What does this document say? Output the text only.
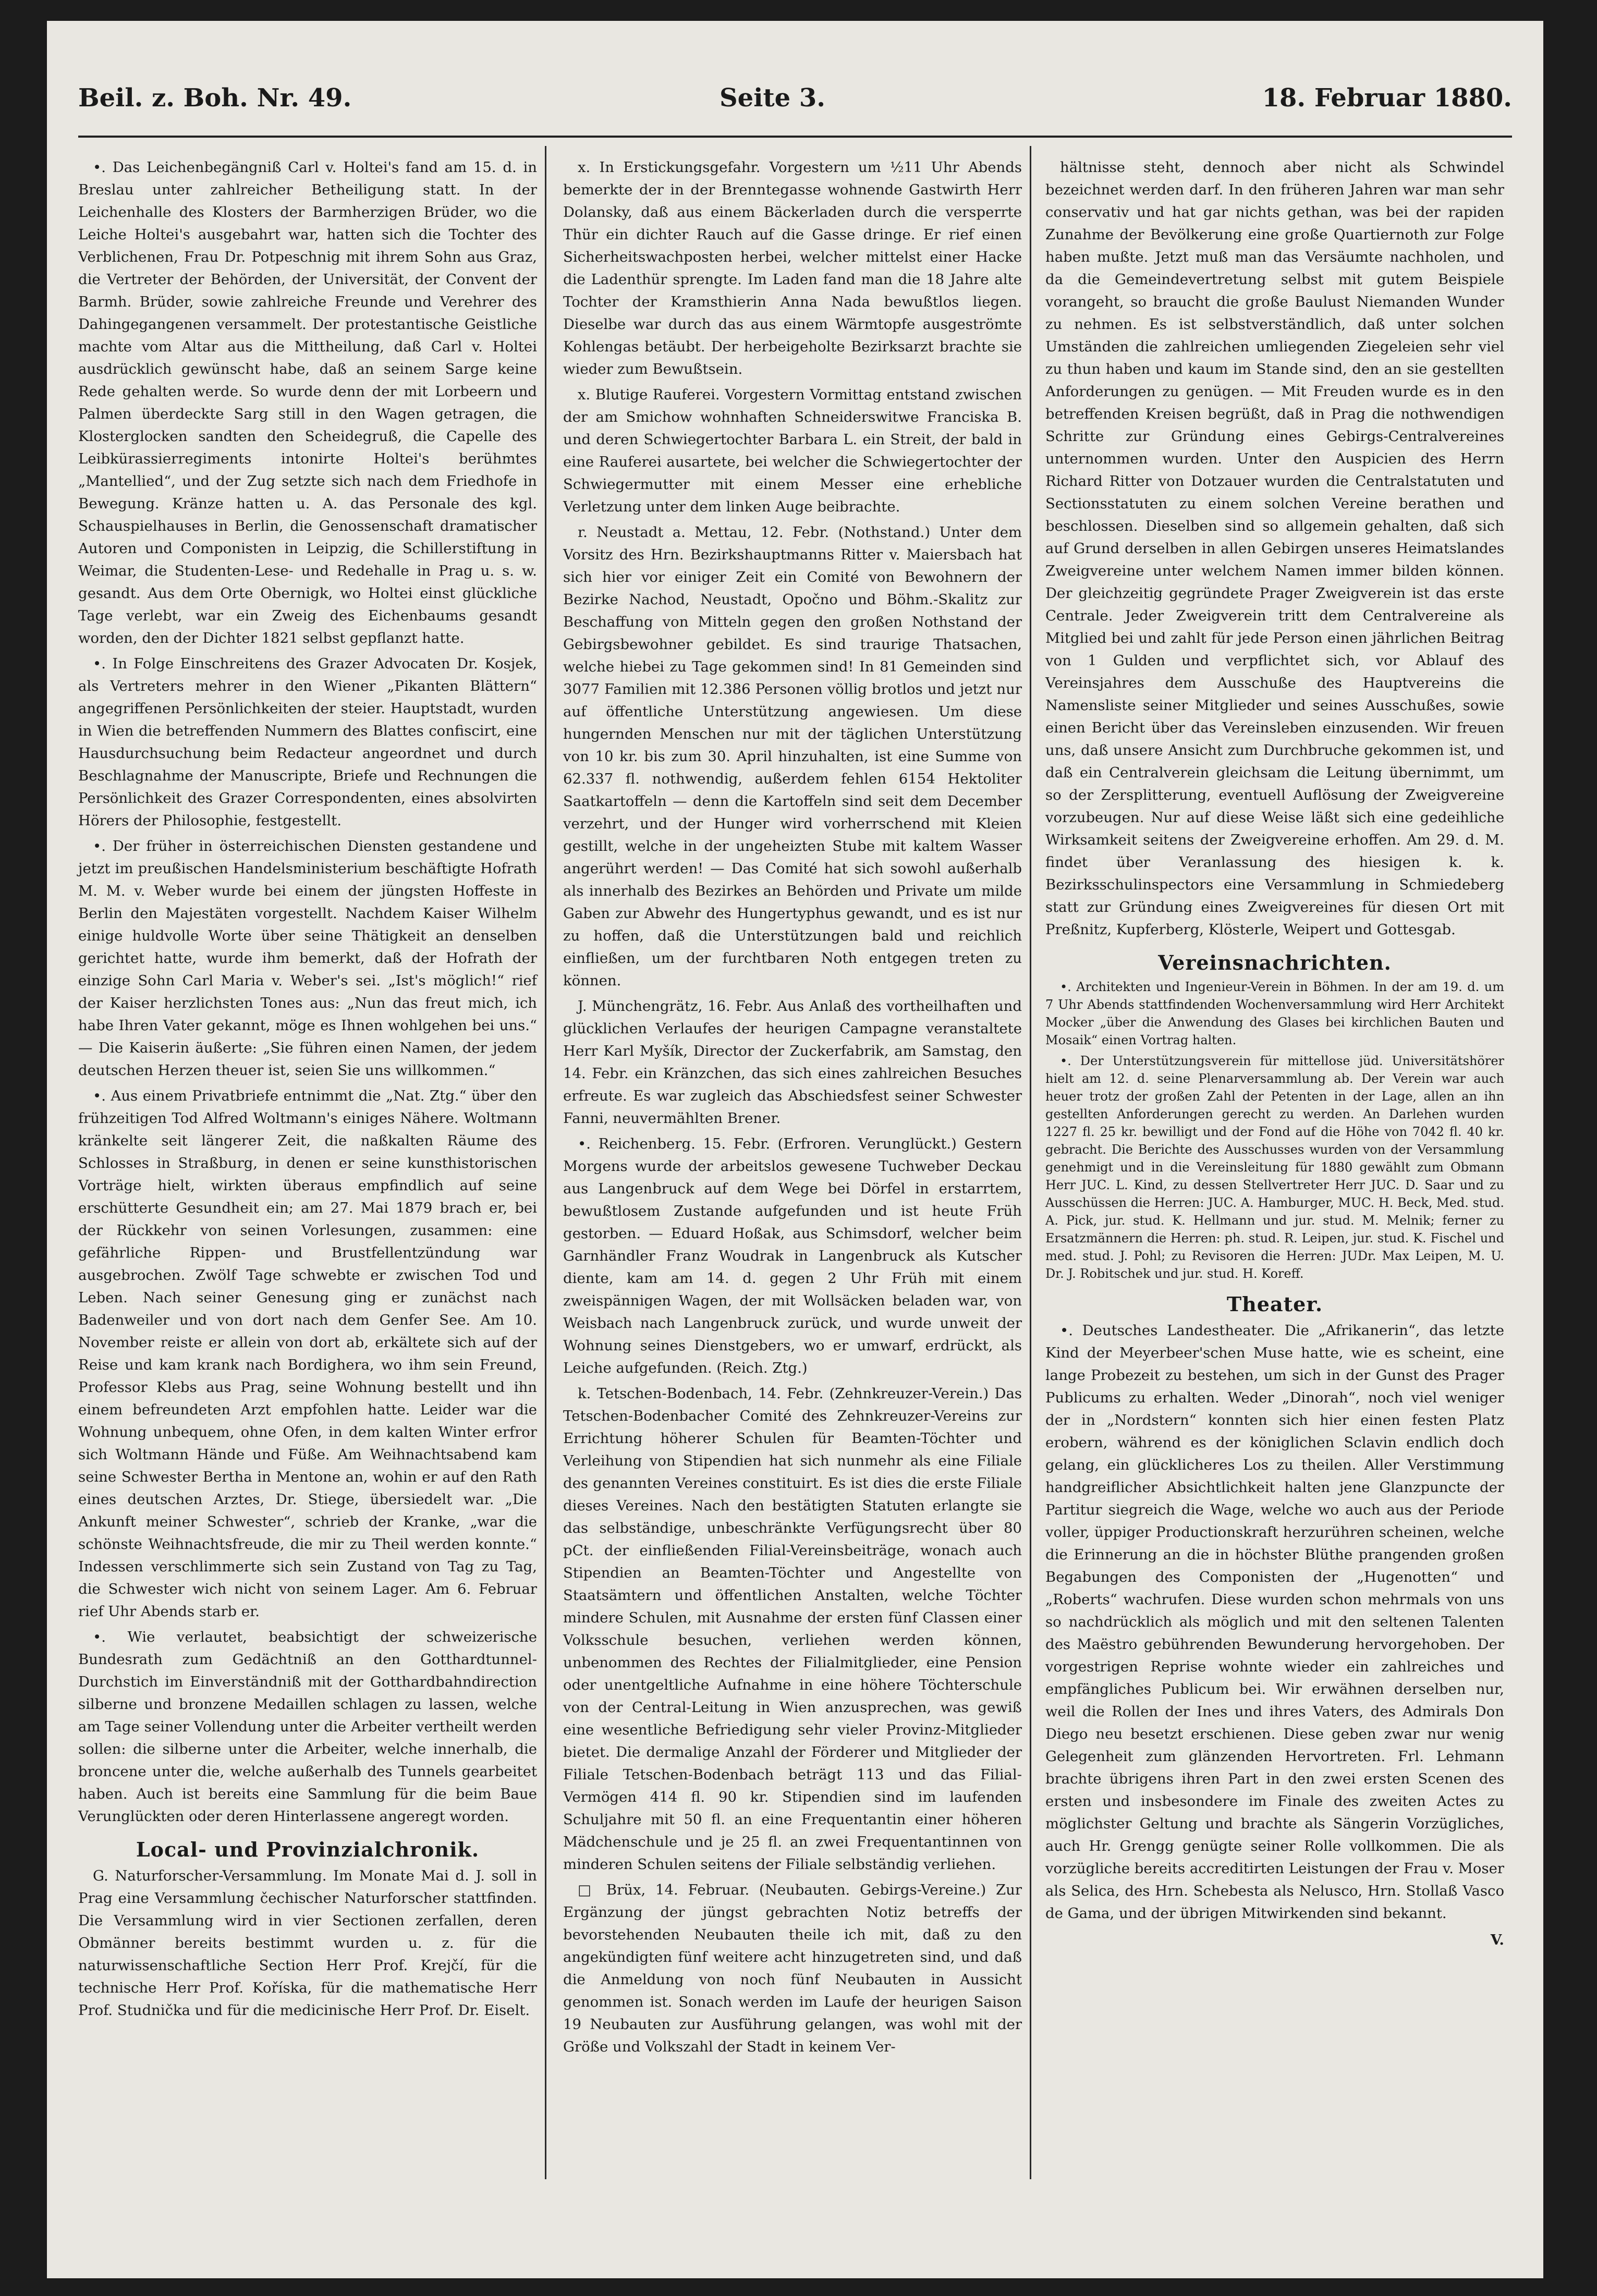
Beil. z. Boh. Nr. 49.	Seite 3.	18. Februar 1880.

•. Das Leichenbegängniß Carl v. Holtei's fand am 15. d. in Breslau unter zahlreicher Betheiligung statt. In der Leichenhalle des Klosters der Barmherzigen Brüder, wo die Leiche Holtei's ausgebahrt war, hatten sich die Tochter des Verblichenen, Frau Dr. Potpeschnig mit ihrem Sohn aus Graz, die Vertreter der Behörden, der Universität, der Convent der Barmh. Brüder, sowie zahlreiche Freunde und Verehrer des Dahingegangenen versammelt. Der protestantische Geistliche machte vom Altar aus die Mittheilung, daß Carl v. Holtei ausdrücklich gewünscht habe, daß an seinem Sarge keine Rede gehalten werde. So wurde denn der mit Lorbeern und Palmen überdeckte Sarg still in den Wagen getragen, die Klosterglocken sandten den Scheidegruß, die Capelle des Leibkürassierregiments intonirte Holtei's berühmtes „Mantellied“, und der Zug setzte sich nach dem Friedhofe in Bewegung. Kränze hatten u. A. das Personale des kgl. Schauspielhauses in Berlin, die Genossenschaft dramatischer Autoren und Componisten in Leipzig, die Schillerstiftung in Weimar, die Studenten-Lese- und Redehalle in Prag u. s. w. gesandt. Aus dem Orte Obernigk, wo Holtei einst glückliche Tage verlebt, war ein Zweig des Eichenbaums gesandt worden, den der Dichter 1821 selbst gepflanzt hatte.

•. In Folge Einschreitens des Grazer Advocaten Dr. Kosjek, als Vertreters mehrer in den Wiener „Pikanten Blättern“ angegriffenen Persönlichkeiten der steier. Hauptstadt, wurden in Wien die betreffenden Nummern des Blattes confiscirt, eine Hausdurchsuchung beim Redacteur angeordnet und durch Beschlagnahme der Manuscripte, Briefe und Rechnungen die Persönlichkeit des Grazer Correspondenten, eines absolvirten Hörers der Philosophie, festgestellt.

•. Der früher in österreichischen Diensten gestandene und jetzt im preußischen Handelsministerium beschäftigte Hofrath M. M. v. Weber wurde bei einem der jüngsten Hoffeste in Berlin den Majestäten vorgestellt. Nachdem Kaiser Wilhelm einige huldvolle Worte über seine Thätigkeit an denselben gerichtet hatte, wurde ihm bemerkt, daß der Hofrath der einzige Sohn Carl Maria v. Weber's sei. „Ist's möglich!“ rief der Kaiser herzlichsten Tones aus: „Nun das freut mich, ich habe Ihren Vater gekannt, möge es Ihnen wohlgehen bei uns.“ — Die Kaiserin äußerte: „Sie führen einen Namen, der jedem deutschen Herzen theuer ist, seien Sie uns willkommen.“

•. Aus einem Privatbriefe entnimmt die „Nat. Ztg.“ über den frühzeitigen Tod Alfred Woltmann's einiges Nähere. Woltmann kränkelte seit längerer Zeit, die naßkalten Räume des Schlosses in Straßburg, in denen er seine kunsthistorischen Vorträge hielt, wirkten überaus empfindlich auf seine erschütterte Gesundheit ein; am 27. Mai 1879 brach er, bei der Rückkehr von seinen Vorlesungen, zusammen: eine gefährliche Rippen- und Brustfellentzündung war ausgebrochen. Zwölf Tage schwebte er zwischen Tod und Leben. Nach seiner Genesung ging er zunächst nach Badenweiler und von dort nach dem Genfer See. Am 10. November reiste er allein von dort ab, erkältete sich auf der Reise und kam krank nach Bordighera, wo ihm sein Freund, Professor Klebs aus Prag, seine Wohnung bestellt und ihn einem befreundeten Arzt empfohlen hatte. Leider war die Wohnung unbequem, ohne Ofen, in dem kalten Winter erfror sich Woltmann Hände und Füße. Am Weihnachtsabend kam seine Schwester Bertha in Mentone an, wohin er auf den Rath eines deutschen Arztes, Dr. Stiege, übersiedelt war. „Die Ankunft meiner Schwester“, schrieb der Kranke, „war die schönste Weihnachtsfreude, die mir zu Theil werden konnte.“ Indessen verschlimmerte sich sein Zustand von Tag zu Tag, die Schwester wich nicht von seinem Lager. Am 6. Februar rief Uhr Abends starb er.

•. Wie verlautet, beabsichtigt der schweizerische Bundesrath zum Gedächtniß an den Gotthardtunnel-Durchstich im Einverständniß mit der Gotthardbahndirection silberne und bronzene Medaillen schlagen zu lassen, welche am Tage seiner Vollendung unter die Arbeiter vertheilt werden sollen: die silberne unter die Arbeiter, welche innerhalb, die broncene unter die, welche außerhalb des Tunnels gearbeitet haben. Auch ist bereits eine Sammlung für die beim Baue Verunglückten oder deren Hinterlassene angeregt worden.

Local- und Provinzialchronik.

G. Naturforscher-Versammlung. Im Monate Mai d. J. soll in Prag eine Versammlung čechischer Naturforscher stattfinden. Die Versammlung wird in vier Sectionen zerfallen, deren Obmänner bereits bestimmt wurden u. z. für die naturwissenschaftliche Section Herr Prof. Krejčí, für die technische Herr Prof. Koříska, für die mathematische Herr Prof. Studnička und für die medicinische Herr Prof. Dr. Eiselt.

x. In Erstickungsgefahr. Vorgestern um ½11 Uhr Abends bemerkte der in der Brenntegasse wohnende Gastwirth Herr Dolansky, daß aus einem Bäckerladen durch die versperrte Thür ein dichter Rauch auf die Gasse dringe. Er rief einen Sicherheitswachposten herbei, welcher mittelst einer Hacke die Ladenthür sprengte. Im Laden fand man die 18 Jahre alte Tochter der Kramsthierin Anna Nada bewußtlos liegen. Dieselbe war durch das aus einem Wärmtopfe ausgeströmte Kohlengas betäubt. Der herbeigeholte Bezirksarzt brachte sie wieder zum Bewußtsein.

x. Blutige Rauferei. Vorgestern Vormittag entstand zwischen der am Smichow wohnhaften Schneiderswitwe Franciska B. und deren Schwiegertochter Barbara L. ein Streit, der bald in eine Rauferei ausartete, bei welcher die Schwiegertochter der Schwiegermutter mit einem Messer eine erhebliche Verletzung unter dem linken Auge beibrachte.

r. Neustadt a. Mettau, 12. Febr. (Nothstand.) Unter dem Vorsitz des Hrn. Bezirkshauptmanns Ritter v. Maiersbach hat sich hier vor einiger Zeit ein Comité von Bewohnern der Bezirke Nachod, Neustadt, Opočno und Böhm.-Skalitz zur Beschaffung von Mitteln gegen den großen Nothstand der Gebirgsbewohner gebildet. Es sind traurige Thatsachen, welche hiebei zu Tage gekommen sind! In 81 Gemeinden sind 3077 Familien mit 12.386 Personen völlig brotlos und jetzt nur auf öffentliche Unterstützung angewiesen. Um diese hungernden Menschen nur mit der täglichen Unterstützung von 10 kr. bis zum 30. April hinzuhalten, ist eine Summe von 62.337 fl. nothwendig, außerdem fehlen 6154 Hektoliter Saatkartoffeln — denn die Kartoffeln sind seit dem December verzehrt, und der Hunger wird vorherrschend mit Kleien gestillt, welche in der ungeheizten Stube mit kaltem Wasser angerührt werden! — Das Comité hat sich sowohl außerhalb als innerhalb des Bezirkes an Behörden und Private um milde Gaben zur Abwehr des Hungertyphus gewandt, und es ist nur zu hoffen, daß die Unterstützungen bald und reichlich einfließen, um der furchtbaren Noth entgegen treten zu können.

J. Münchengrätz, 16. Febr. Aus Anlaß des vortheilhaften und glücklichen Verlaufes der heurigen Campagne veranstaltete Herr Karl Myšík, Director der Zuckerfabrik, am Samstag, den 14. Febr. ein Kränzchen, das sich eines zahlreichen Besuches erfreute. Es war zugleich das Abschiedsfest seiner Schwester Fanni, neuvermählten Brener.

•. Reichenberg. 15. Febr. (Erfroren. Verunglückt.) Gestern Morgens wurde der arbeitslos gewesene Tuchweber Deckau aus Langenbruck auf dem Wege bei Dörfel in erstarrtem, bewußtlosem Zustande aufgefunden und ist heute Früh gestorben. — Eduard Hoßak, aus Schimsdorf, welcher beim Garnhändler Franz Woudrak in Langenbruck als Kutscher diente, kam am 14. d. gegen 2 Uhr Früh mit einem zweispännigen Wagen, der mit Wollsäcken beladen war, von Weisbach nach Langenbruck zurück, und wurde unweit der Wohnung seines Dienstgebers, wo er umwarf, erdrückt, als Leiche aufgefunden. (Reich. Ztg.)

k. Tetschen-Bodenbach, 14. Febr. (Zehnkreuzer-Verein.) Das Tetschen-Bodenbacher Comité des Zehnkreuzer-Vereins zur Errichtung höherer Schulen für Beamten-Töchter und Verleihung von Stipendien hat sich nunmehr als eine Filiale des genannten Vereines constituirt. Es ist dies die erste Filiale dieses Vereines. Nach den bestätigten Statuten erlangte sie das selbständige, unbeschränkte Verfügungsrecht über 80 pCt. der einfließenden Filial-Vereinsbeiträge, wonach auch Stipendien an Beamten-Töchter und Angestellte von Staatsämtern und öffentlichen Anstalten, welche Töchter mindere Schulen, mit Ausnahme der ersten fünf Classen einer Volksschule besuchen, verliehen werden können, unbenommen des Rechtes der Filialmitglieder, eine Pension oder unentgeltliche Aufnahme in eine höhere Töchterschule von der Central-Leitung in Wien anzusprechen, was gewiß eine wesentliche Befriedigung sehr vieler Provinz-Mitglieder bietet. Die dermalige Anzahl der Förderer und Mitglieder der Filiale Tetschen-Bodenbach beträgt 113 und das Filial-Vermögen 414 fl. 90 kr. Stipendien sind im laufenden Schuljahre mit 50 fl. an eine Frequentantin einer höheren Mädchenschule und je 25 fl. an zwei Frequentantinnen von minderen Schulen seitens der Filiale selbständig verliehen.

□ Brüx, 14. Februar. (Neubauten. Gebirgs-Vereine.) Zur Ergänzung der jüngst gebrachten Notiz betreffs der bevorstehenden Neubauten theile ich mit, daß zu den angekündigten fünf weitere acht hinzugetreten sind, und daß die Anmeldung von noch fünf Neubauten in Aussicht genommen ist. Sonach werden im Laufe der heurigen Saison 19 Neubauten zur Ausführung gelangen, was wohl mit der Größe und Volkszahl der Stadt in keinem Ver-

hältnisse steht, dennoch aber nicht als Schwindel bezeichnet werden darf. In den früheren Jahren war man sehr conservativ und hat gar nichts gethan, was bei der rapiden Zunahme der Bevölkerung eine große Quartiernoth zur Folge haben mußte. Jetzt muß man das Versäumte nachholen, und da die Gemeindevertretung selbst mit gutem Beispiele vorangeht, so braucht die große Baulust Niemanden Wunder zu nehmen. Es ist selbstverständlich, daß unter solchen Umständen die zahlreichen umliegenden Ziegeleien sehr viel zu thun haben und kaum im Stande sind, den an sie gestellten Anforderungen zu genügen. — Mit Freuden wurde es in den betreffenden Kreisen begrüßt, daß in Prag die nothwendigen Schritte zur Gründung eines Gebirgs-Centralvereines unternommen wurden. Unter den Auspicien des Herrn Richard Ritter von Dotzauer wurden die Centralstatuten und Sectionsstatuten zu einem solchen Vereine berathen und beschlossen. Dieselben sind so allgemein gehalten, daß sich auf Grund derselben in allen Gebirgen unseres Heimatslandes Zweigvereine unter welchem Namen immer bilden können. Der gleichzeitig gegründete Prager Zweigverein ist das erste Centrale. Jeder Zweigverein tritt dem Centralvereine als Mitglied bei und zahlt für jede Person einen jährlichen Beitrag von 1 Gulden und verpflichtet sich, vor Ablauf des Vereinsjahres dem Ausschuße des Hauptvereins die Namensliste seiner Mitglieder und seines Ausschußes, sowie einen Bericht über das Vereinsleben einzusenden. Wir freuen uns, daß unsere Ansicht zum Durchbruche gekommen ist, und daß ein Centralverein gleichsam die Leitung übernimmt, um so der Zersplitterung, eventuell Auflösung der Zweigvereine vorzubeugen. Nur auf diese Weise läßt sich eine gedeihliche Wirksamkeit seitens der Zweigvereine erhoffen. Am 29. d. M. findet über Veranlassung des hiesigen k. k. Bezirksschulinspectors eine Versammlung in Schmiedeberg statt zur Gründung eines Zweigvereines für diesen Ort mit Preßnitz, Kupferberg, Klösterle, Weipert und Gottesgab.

Vereinsnachrichten.

•. Architekten und Ingenieur-Verein in Böhmen. In der am 19. d. um 7 Uhr Abends stattfindenden Wochenversammlung wird Herr Architekt Mocker „über die Anwendung des Glases bei kirchlichen Bauten und Mosaik“ einen Vortrag halten.

•. Der Unterstützungsverein für mittellose jüd. Universitätshörer hielt am 12. d. seine Plenarversammlung ab. Der Verein war auch heuer trotz der großen Zahl der Petenten in der Lage, allen an ihn gestellten Anforderungen gerecht zu werden. An Darlehen wurden 1227 fl. 25 kr. bewilligt und der Fond auf die Höhe von 7042 fl. 40 kr. gebracht. Die Berichte des Ausschusses wurden von der Versammlung genehmigt und in die Vereinsleitung für 1880 gewählt zum Obmann Herr JUC. L. Kind, zu dessen Stellvertreter Herr JUC. D. Saar und zu Ausschüssen die Herren: JUC. A. Hamburger, MUC. H. Beck, Med. stud. A. Pick, jur. stud. K. Hellmann und jur. stud. M. Melnik; ferner zu Ersatzmännern die Herren: ph. stud. R. Leipen, jur. stud. K. Fischel und med. stud. J. Pohl; zu Revisoren die Herren: JUDr. Max Leipen, M. U. Dr. J. Robitschek und jur. stud. H. Koreff.

Theater.

•. Deutsches Landestheater. Die „Afrikanerin“, das letzte Kind der Meyerbeer'schen Muse hatte, wie es scheint, eine lange Probezeit zu bestehen, um sich in der Gunst des Prager Publicums zu erhalten. Weder „Dinorah“, noch viel weniger der in „Nordstern“ konnten sich hier einen festen Platz erobern, während es der königlichen Sclavin endlich doch gelang, ein glücklicheres Los zu theilen. Aller Verstimmung handgreiflicher Absichtlichkeit halten jene Glanzpuncte der Partitur siegreich die Wage, welche wo auch aus der Periode voller, üppiger Productionskraft herzurühren scheinen, welche die Erinnerung an die in höchster Blüthe prangenden großen Begabungen des Componisten der „Hugenotten“ und „Roberts“ wachrufen. Diese wurden schon mehrmals von uns so nachdrücklich als möglich und mit den seltenen Talenten des Maëstro gebührenden Bewunderung hervorgehoben. Der vorgestrigen Reprise wohnte wieder ein zahlreiches und empfängliches Publicum bei. Wir erwähnen derselben nur, weil die Rollen der Ines und ihres Vaters, des Admirals Don Diego neu besetzt erschienen. Diese geben zwar nur wenig Gelegenheit zum glänzenden Hervortreten. Frl. Lehmann brachte übrigens ihren Part in den zwei ersten Scenen des ersten und insbesondere im Finale des zweiten Actes zu möglichster Geltung und brachte als Sängerin Vorzügliches, auch Hr. Grengg genügte seiner Rolle vollkommen. Die als vorzügliche bereits accreditirten Leistungen der Frau v. Moser als Selica, des Hrn. Schebesta als Nelusco, Hrn. Stollaß Vasco de Gama, und der übrigen Mitwirkenden sind bekannt.

V.
